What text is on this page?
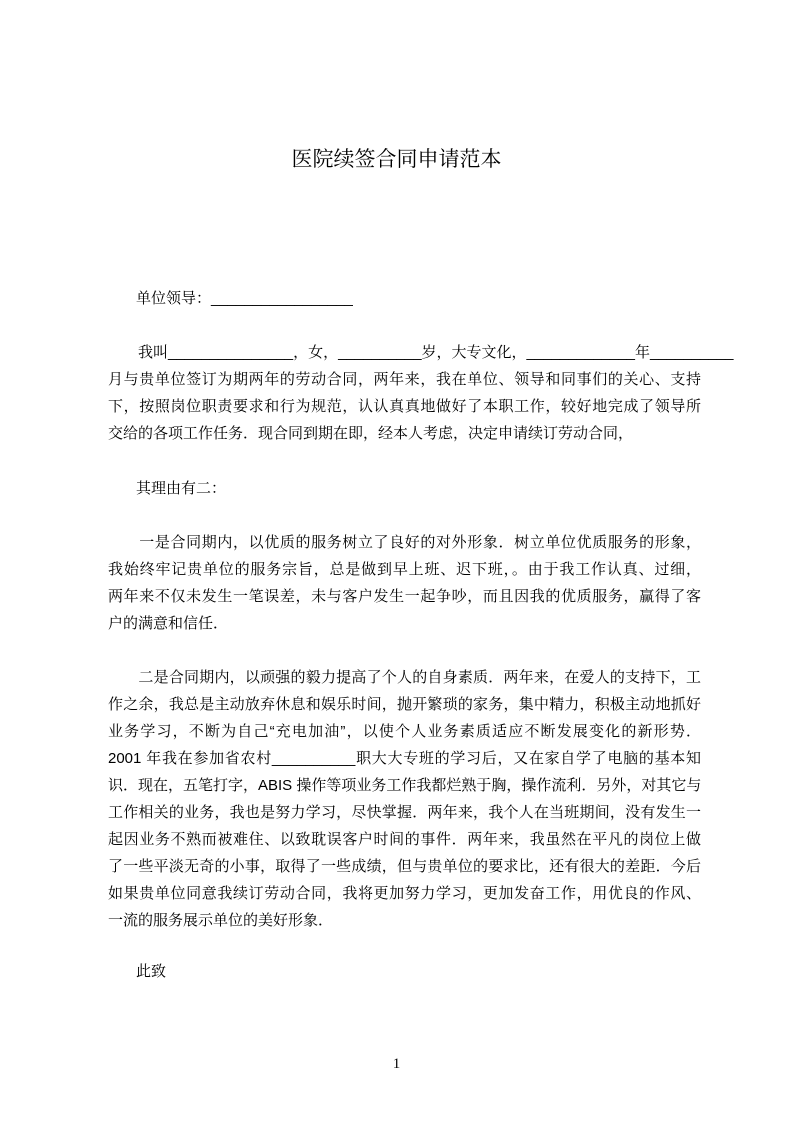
医院续签合同申请范本
单位领导：_________________
　　我叫_______________，女，__________岁，大专文化，_____________年__________
月与贵单位签订为期两年的劳动合同，两年来，我在单位、领导和同事们的关心、支持
下，按照岗位职责要求和行为规范，认认真真地做好了本职工作，较好地完成了领导所
交给的各项工作任务．现合同到期在即，经本人考虑，决定申请续订劳动合同，
其理由有二：
　　一是合同期内，以优质的服务树立了良好的对外形象．树立单位优质服务的形象，
我始终牢记贵单位的服务宗旨，总是做到早上班、迟下班，。由于我工作认真、过细，
两年来不仅未发生一笔误差，未与客户发生一起争吵，而且因我的优质服务，赢得了客
户的满意和信任．
　　二是合同期内，以顽强的毅力提高了个人的自身素质．两年来，在爱人的支持下，工
作之余，我总是主动放弃休息和娱乐时间，抛开繁琐的家务，集中精力，积极主动地抓好
业务学习，不断为自己“充电加油”，以使个人业务素质适应不断发展变化的新形势．
2001 年我在参加省农村__________职大大专班的学习后，又在家自学了电脑的基本知
识．现在，五笔打字，ABIS 操作等项业务工作我都烂熟于胸，操作流利．另外，对其它与
工作相关的业务，我也是努力学习，尽快掌握．两年来，我个人在当班期间，没有发生一
起因业务不熟而被难住、以致耽误客户时间的事件．两年来，我虽然在平凡的岗位上做
了一些平淡无奇的小事，取得了一些成绩，但与贵单位的要求比，还有很大的差距．今后
如果贵单位同意我续订劳动合同，我将更加努力学习，更加发奋工作，用优良的作风、
一流的服务展示单位的美好形象．
此致
1
